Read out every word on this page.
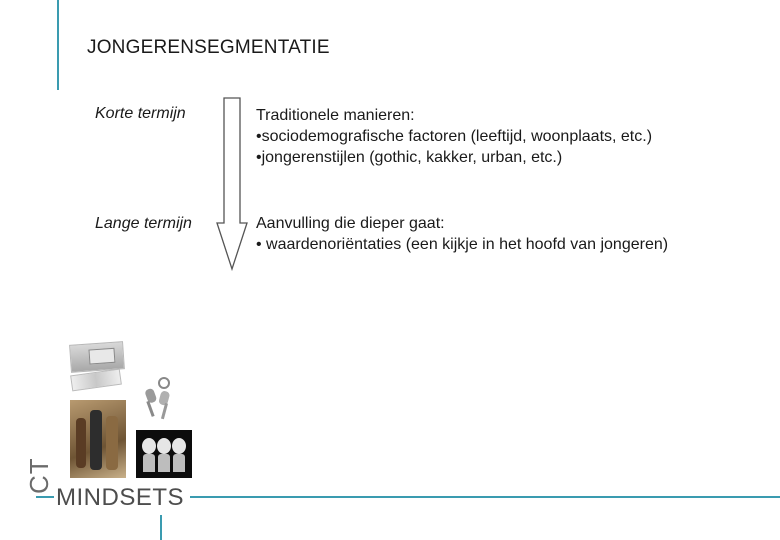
JONGERENSEGMENTATIE
Korte termijn
Lange termijn
Traditionele manieren:
•sociodemografische factoren (leeftijd, woonplaats, etc.)
•jongerenstijlen (gothic, kakker, urban, etc.)
Aanvulling die dieper gaat:
• waardenoriëntaties (een kijkje in het hoofd van jongeren)
CT
MINDSETS
